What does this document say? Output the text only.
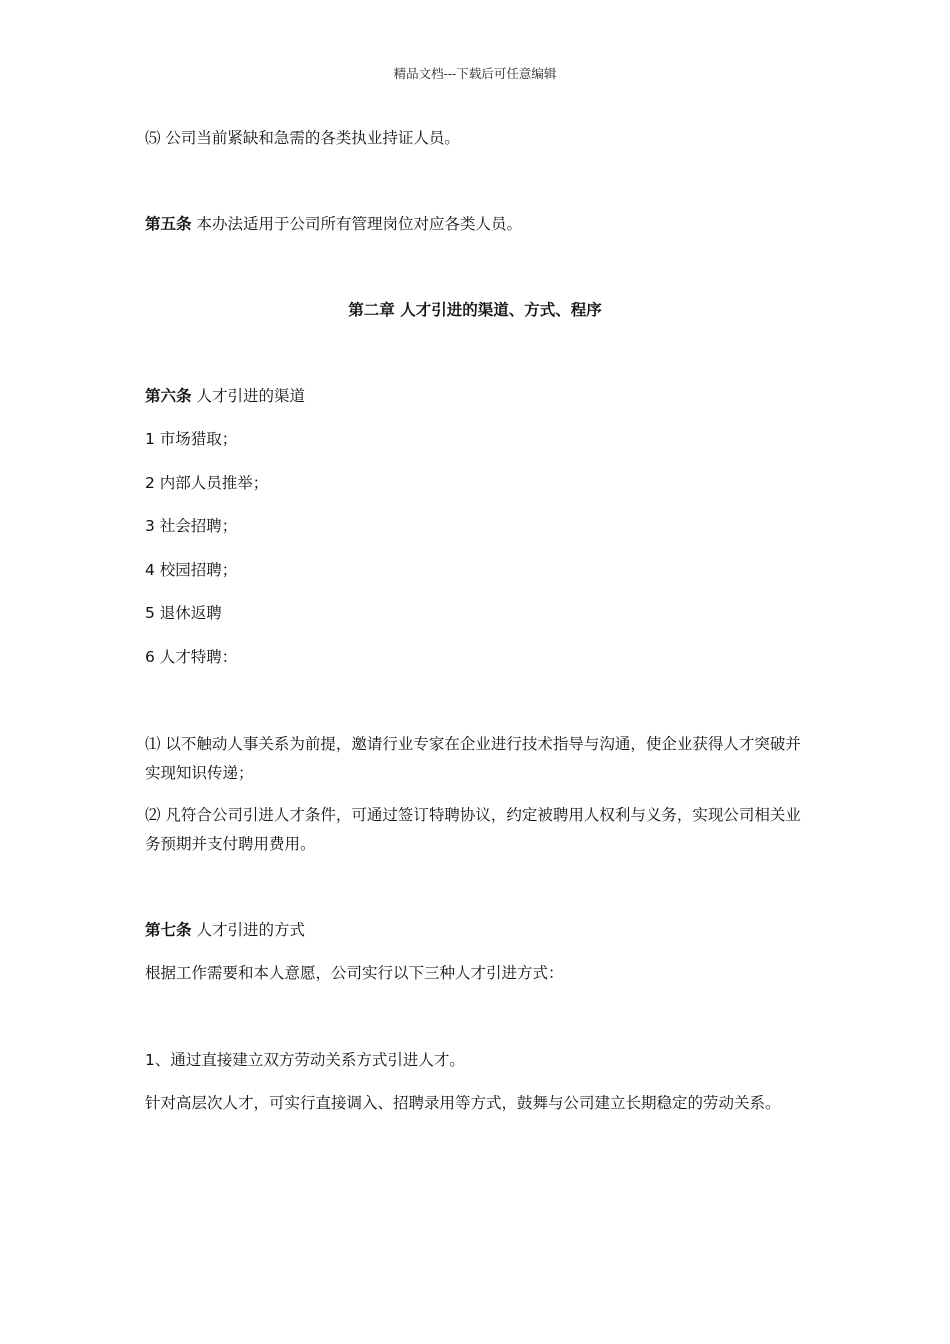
精品文档---下载后可任意编辑
⑸ 公司当前紧缺和急需的各类执业持证人员。
第五条 本办法适用于公司所有管理岗位对应各类人员。
第二章 人才引进的渠道、方式、程序
第六条 人才引进的渠道
1 市场猎取；
2 内部人员推举；
3 社会招聘；
4 校园招聘；
5 退休返聘
6 人才特聘：
⑴ 以不触动人事关系为前提，邀请行业专家在企业进行技术指导与沟通，使企业获得人才突破并实现知识传递；
⑵ 凡符合公司引进人才条件，可通过签订特聘协议，约定被聘用人权利与义务，实现公司相关业务预期并支付聘用费用。
第七条 人才引进的方式
根据工作需要和本人意愿，公司实行以下三种人才引进方式：
1、通过直接建立双方劳动关系方式引进人才。
针对高层次人才，可实行直接调入、招聘录用等方式，鼓舞与公司建立长期稳定的劳动关系。
